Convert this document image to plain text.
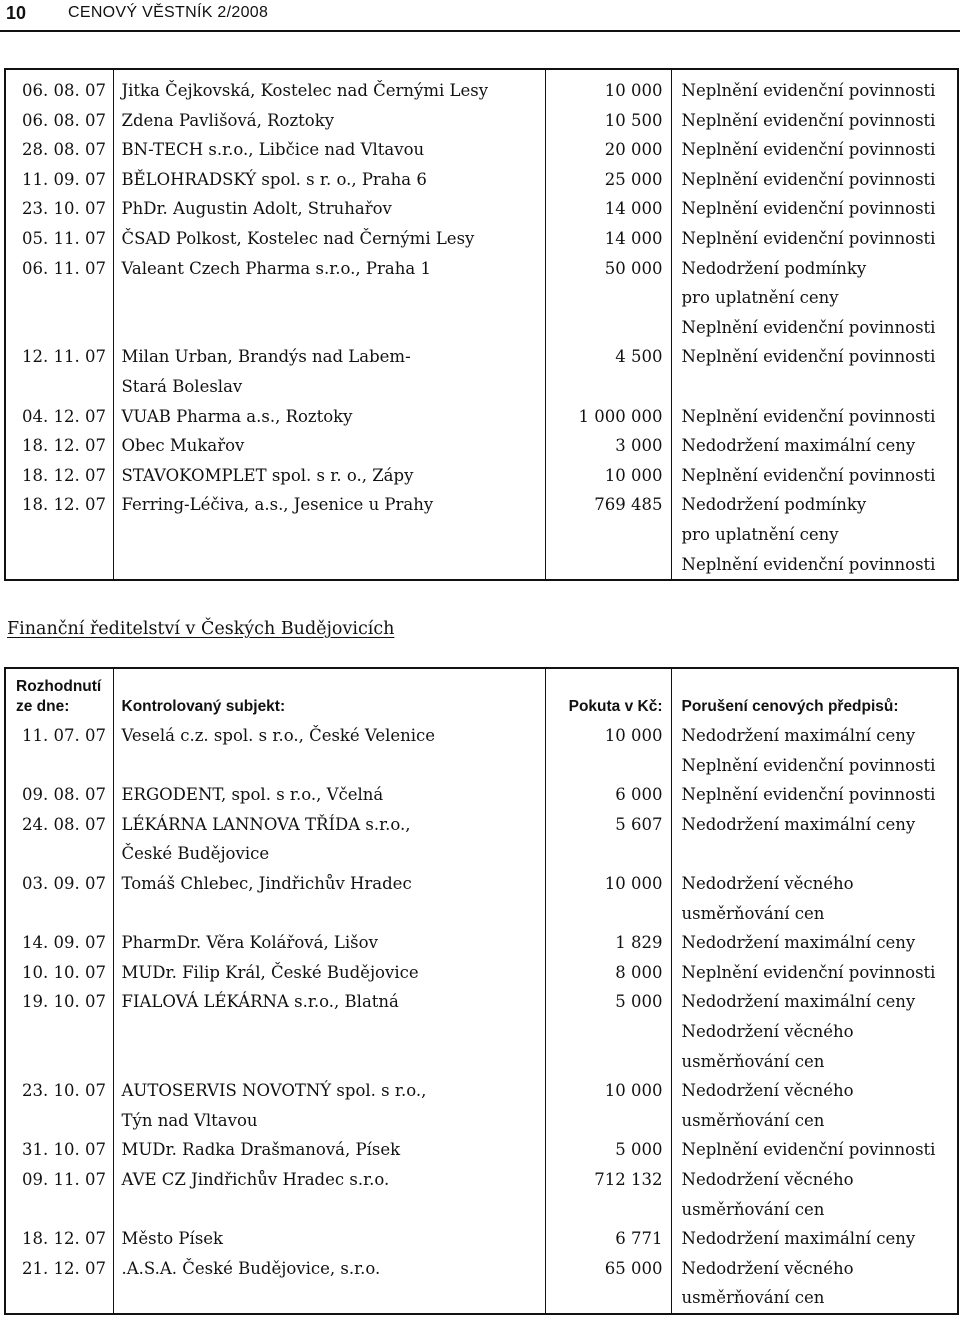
10	CENOVÝ VĚSTNÍK 2/2008
06. 08. 07	Jitka Čejkovská, Kostelec nad Černými Lesy	10 000	Neplnění evidenční povinnosti

06. 08. 07	Zdena Pavlišová, Roztoky	10 500	Neplnění evidenční povinnosti

28. 08. 07	BN-TECH s.r.o., Libčice nad Vltavou	20 000	Neplnění evidenční povinnosti

11. 09. 07	BĚLOHRADSKÝ spol. s r. o., Praha 6	25 000	Neplnění evidenční povinnosti

23. 10. 07	PhDr. Augustin Adolt, Struhařov	14 000	Neplnění evidenční povinnosti

05. 11. 07	ČSAD Polkost, Kostelec nad Černými Lesy	14 000	Neplnění evidenční povinnosti

06. 11. 07	Valeant Czech Pharma s.r.o., Praha 1	50 000	Nedodržení podmínky
pro uplatnění ceny
Neplnění evidenční povinnosti

12. 11. 07	Milan Urban, Brandýs nad Labem-
Stará Boleslav	4 500	Neplnění evidenční povinnosti

04. 12. 07	VUAB Pharma a.s., Roztoky	1 000 000	Neplnění evidenční povinnosti

18. 12. 07	Obec Mukařov	3 000	Nedodržení maximální ceny

18. 12. 07	STAVOKOMPLET spol. s r. o., Zápy	10 000	Neplnění evidenční povinnosti

18. 12. 07	Ferring-Léčiva, a.s., Jesenice u Prahy	769 485	Nedodržení podmínky
pro uplatnění ceny
Neplnění evidenční povinnosti
Finanční ředitelství v Českých Budějovicích
Rozhodnutí
ze dne:	Kontrolovaný subjekt:	Pokuta v Kč:	Porušení cenových předpisů:
11. 07. 07	Veselá c.z. spol. s r.o., České Velenice	10 000	Nedodržení maximální ceny
Neplnění evidenční povinnosti

09. 08. 07	ERGODENT, spol. s r.o., Včelná	6 000	Neplnění evidenční povinnosti

24. 08. 07	LÉKÁRNA LANNOVA TŘÍDA s.r.o.,
České Budějovice	5 607	Nedodržení maximální ceny

03. 09. 07	Tomáš Chlebec, Jindřichův Hradec	10 000	Nedodržení věcného
usměrňování cen

14. 09. 07	PharmDr. Věra Kolářová, Lišov	1 829	Nedodržení maximální ceny

10. 10. 07	MUDr. Filip Král, České Budějovice	8 000	Neplnění evidenční povinnosti

19. 10. 07	FIALOVÁ LÉKÁRNA s.r.o., Blatná	5 000	Nedodržení maximální ceny
Nedodržení věcného
usměrňování cen

23. 10. 07	AUTOSERVIS NOVOTNÝ spol. s r.o.,
Týn nad Vltavou	10 000	Nedodržení věcného
usměrňování cen

31. 10. 07	MUDr. Radka Drašmanová, Písek	5 000	Neplnění evidenční povinnosti

09. 11. 07	AVE CZ Jindřichův Hradec s.r.o.	712 132	Nedodržení věcného
usměrňování cen

18. 12. 07	Město Písek	6 771	Nedodržení maximální ceny

21. 12. 07	.A.S.A. České Budějovice, s.r.o.	65 000	Nedodržení věcného
usměrňování cen
